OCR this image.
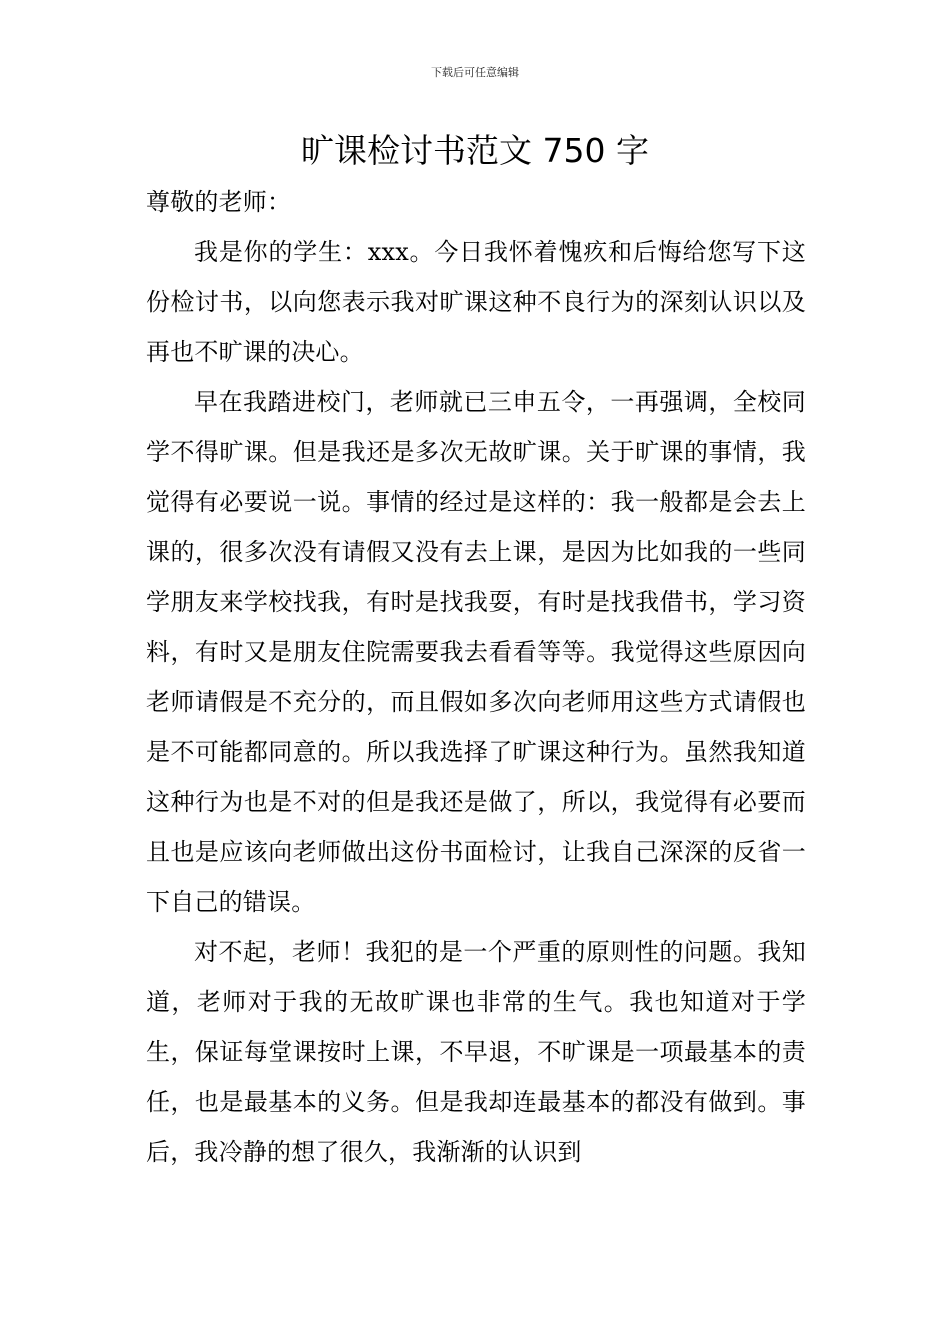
下载后可任意编辑
旷课检讨书范文 750 字

尊敬的老师：

我是你的学生：xxx。今日我怀着愧疚和后悔给您写下这份检讨书，以向您表示我对旷课这种不良行为的深刻认识以及再也不旷课的决心。

早在我踏进校门，老师就已三申五令，一再强调，全校同学不得旷课。但是我还是多次无故旷课。关于旷课的事情，我觉得有必要说一说。事情的经过是这样的：我一般都是会去上课的，很多次没有请假又没有去上课，是因为比如我的一些同学朋友来学校找我，有时是找我耍，有时是找我借书，学习资料，有时又是朋友住院需要我去看看等等。我觉得这些原因向老师请假是不充分的，而且假如多次向老师用这些方式请假也是不可能都同意的。所以我选择了旷课这种行为。虽然我知道这种行为也是不对的但是我还是做了，所以，我觉得有必要而且也是应该向老师做出这份书面检讨，让我自己深深的反省一下自己的错误。

对不起，老师！我犯的是一个严重的原则性的问题。我知道，老师对于我的无故旷课也非常的生气。我也知道对于学生，保证每堂课按时上课，不早退，不旷课是一项最基本的责任，也是最基本的义务。但是我却连最基本的都没有做到。事后，我冷静的想了很久，我渐渐的认识到
